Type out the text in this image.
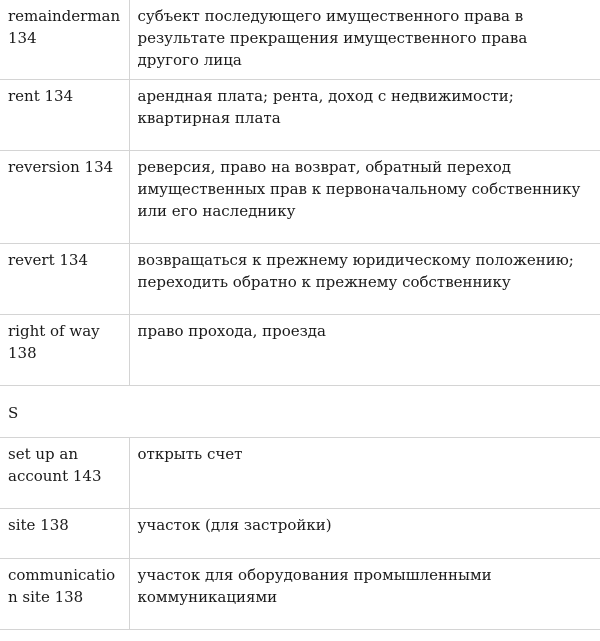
remainderman 134	субъект последующего имущественного права в результате прекращения имущественного права другого лица
rent 134	арендная плата; рента, доход с недвижимости; квартирная плата
reversion 134	реверсия, право на возврат, обратный переход имущественных прав к первоначальному собственнику или его наследнику
revert 134	возвращаться к прежнему юридическому положению; переходить обратно к прежнему собственнику
right of way 138	право прохода, проезда
S	
set up an account 143	открыть счет
site 138	участок (для застройки)
communication site 138	участок для оборудования промышленными коммуникациями
